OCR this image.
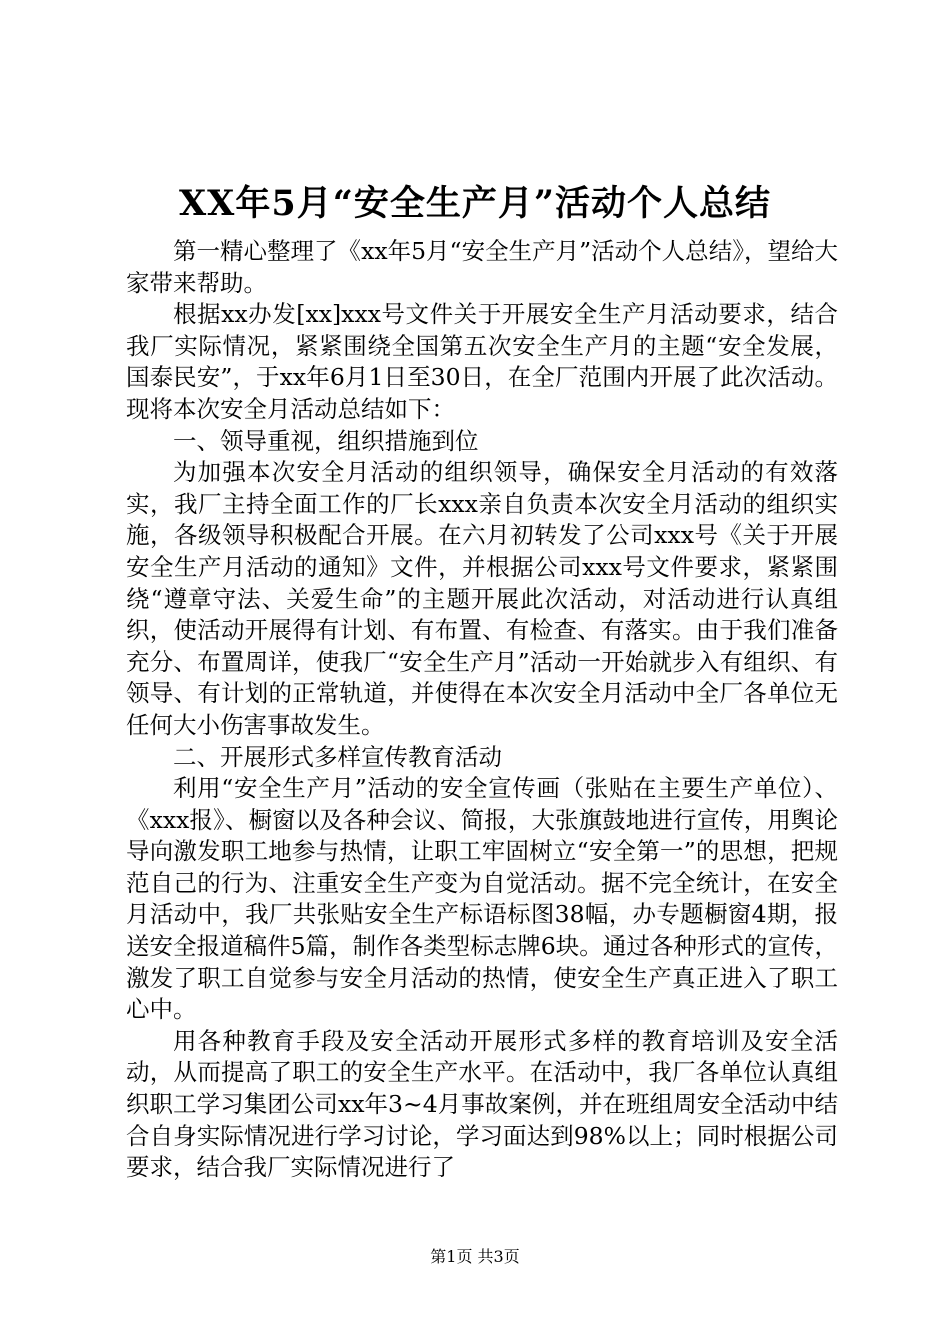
XX年5月“安全生产月”活动个人总结

第一精心整理了《xx年5月“安全生产月”活动个人总结》，望给大家带来帮助。

根据xx办发[xx]xxx号文件关于开展安全生产月活动要求，结合我厂实际情况，紧紧围绕全国第五次安全生产月的主题“安全发展，国泰民安”，于xx年6月1日至30日，在全厂范围内开展了此次活动。现将本次安全月活动总结如下：

一、领导重视，组织措施到位

为加强本次安全月活动的组织领导，确保安全月活动的有效落实，我厂主持全面工作的厂长xxx亲自负责本次安全月活动的组织实施，各级领导积极配合开展。在六月初转发了公司xxx号《关于开展安全生产月活动的通知》文件，并根据公司xxx号文件要求，紧紧围绕“遵章守法、关爱生命”的主题开展此次活动，对活动进行认真组织，使活动开展得有计划、有布置、有检查、有落实。由于我们准备充分、布置周详，使我厂“安全生产月”活动一开始就步入有组织、有领导、有计划的正常轨道，并使得在本次安全月活动中全厂各单位无任何大小伤害事故发生。

二、开展形式多样宣传教育活动

利用“安全生产月”活动的安全宣传画（张贴在主要生产单位）、《xxx报》、橱窗以及各种会议、简报，大张旗鼓地进行宣传，用舆论导向激发职工地参与热情，让职工牢固树立“安全第一”的思想，把规范自己的行为、注重安全生产变为自觉活动。据不完全统计，在安全月活动中，我厂共张贴安全生产标语标图38幅，办专题橱窗4期，报送安全报道稿件5篇，制作各类型标志牌6块。通过各种形式的宣传，激发了职工自觉参与安全月活动的热情，使安全生产真正进入了职工心中。

用各种教育手段及安全活动开展形式多样的教育培训及安全活动，从而提高了职工的安全生产水平。在活动中，我厂各单位认真组织职工学习集团公司xx年3~4月事故案例，并在班组周安全活动中结合自身实际情况进行学习讨论，学习面达到98%以上；同时根据公司要求，结合我厂实际情况进行了

第1页 共3页
